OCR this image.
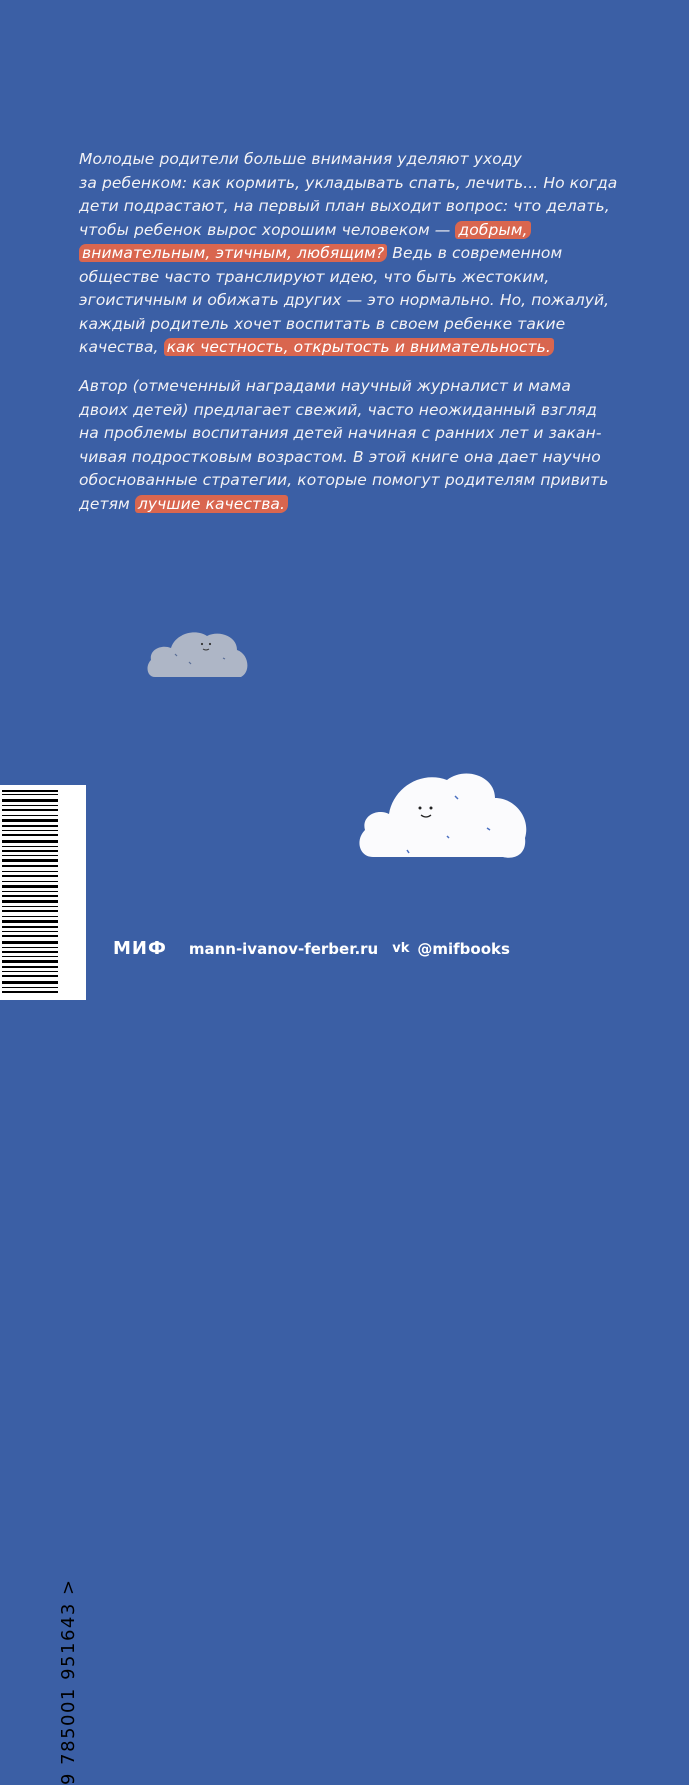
Молодые родители больше внимания уделяют уходу
за ребенком: как кормить, укладывать спать, лечить... Но когда
дети подрастают, на первый план выходит вопрос: что делать,
чтобы ребенок вырос хорошим человеком — добрым,
внимательным, этичным, любящим? Ведь в современном
обществе часто транслируют идею, что быть жестоким,
эгоистичным и обижать других — это нормально. Но, пожалуй,
каждый родитель хочет воспитать в своем ребенке такие
качества, как честность, открытость и внимательность.
Автор (отмеченный наградами научный журналист и мама
двоих детей) предлагает свежий, часто неожиданный взгляд
на проблемы воспитания детей начиная с ранних лет и закан-
чивая подростковым возрастом. В этой книге она дает научно
обоснованные стратегии, которые помогут родителям привить
детям лучшие качества.
9 785001 951643 >
МИФ mann-ivanov-ferber.ru vk @mifbooks
